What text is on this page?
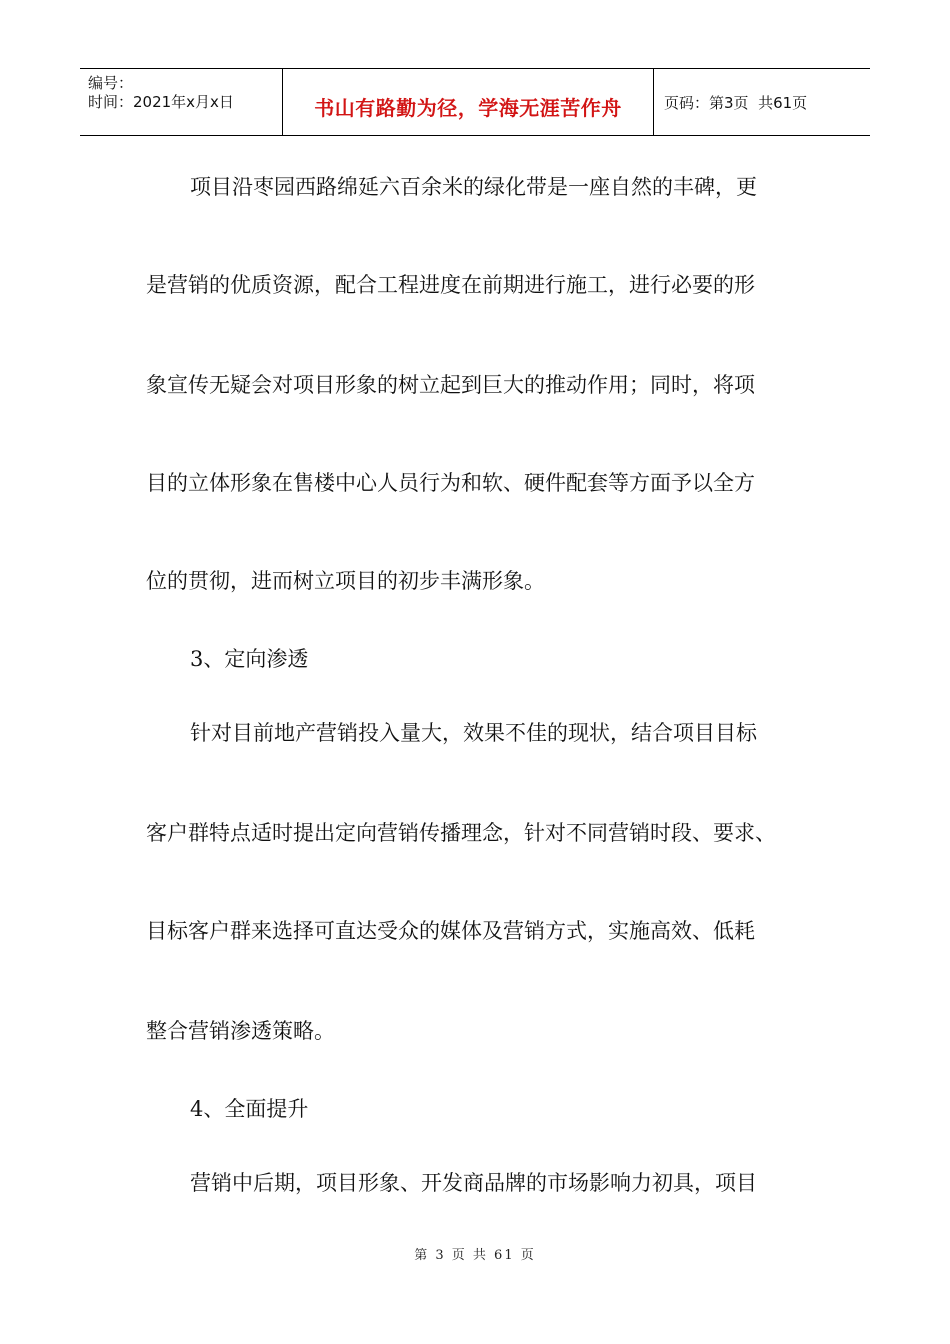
编号：
时间：2021年x月x日	书山有路勤为径，学海无涯苦作舟	页码：第3页  共61页
项目沿枣园西路绵延六百余米的绿化带是一座自然的丰碑，更
是营销的优质资源，配合工程进度在前期进行施工，进行必要的形
象宣传无疑会对项目形象的树立起到巨大的推动作用；同时，将项
目的立体形象在售楼中心人员行为和软、硬件配套等方面予以全方
位的贯彻，进而树立项目的初步丰满形象。
3、定向渗透
针对目前地产营销投入量大，效果不佳的现状，结合项目目标
客户群特点适时提出定向营销传播理念，针对不同营销时段、要求、
目标客户群来选择可直达受众的媒体及营销方式，实施高效、低耗
整合营销渗透策略。
4、全面提升
营销中后期，项目形象、开发商品牌的市场影响力初具，项目
第 3 页 共 61 页
